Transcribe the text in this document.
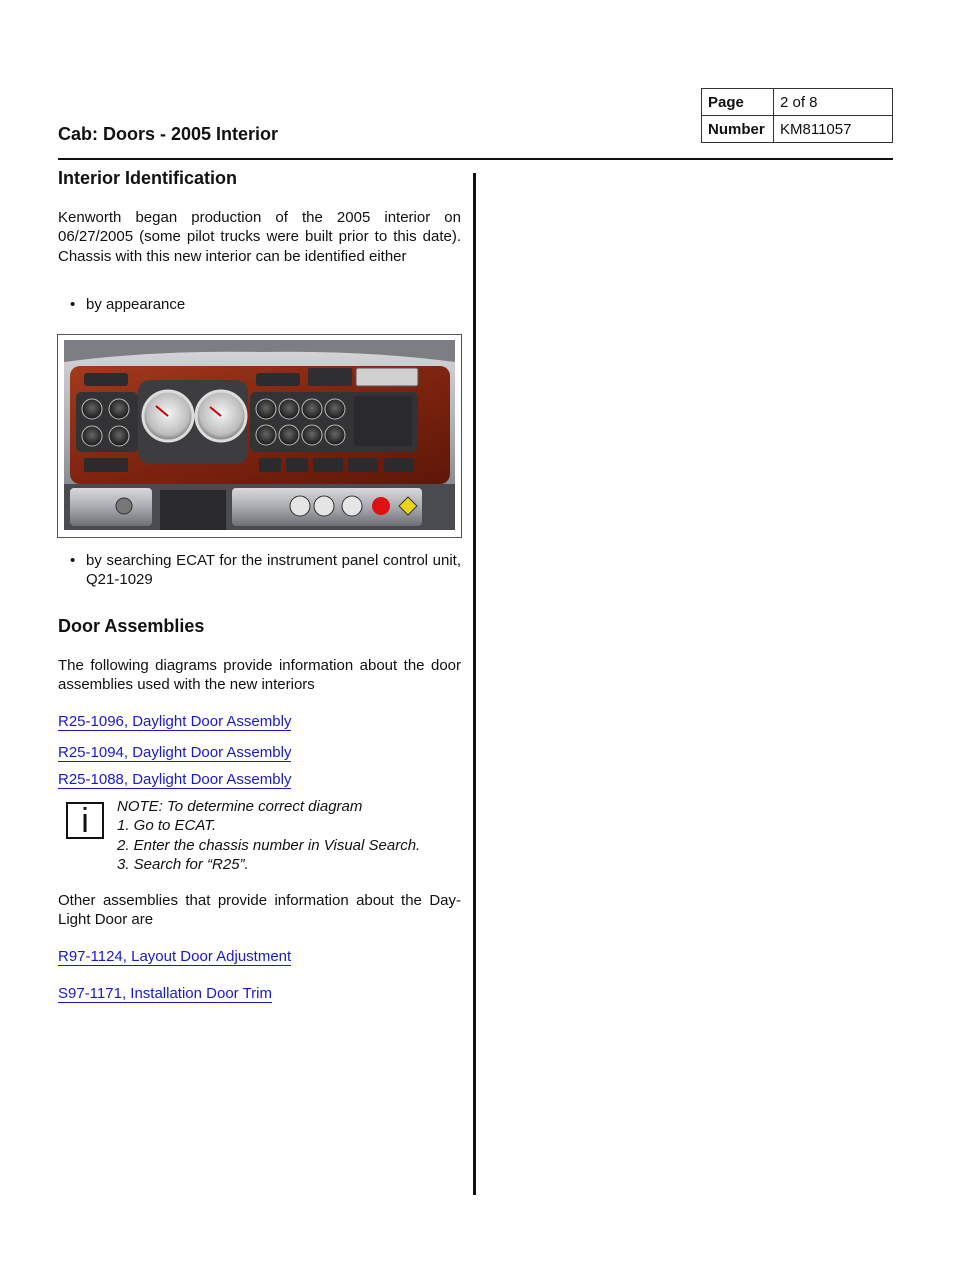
Page	2 of 8
Number	KM811057
Cab: Doors - 2005 Interior
Interior Identification
Kenworth began production of the 2005 interior on 06/27/2005 (some pilot trucks were built prior to this date). Chassis with this new interior can be identified either
• by appearance
• by searching ECAT for the instrument panel control unit, Q21-1029
Door Assemblies
The following diagrams provide information about the door assemblies used with the new interiors
R25-1096, Daylight Door Assembly
R25-1094, Daylight Door Assembly
R25-1088, Daylight Door Assembly
i	NOTE: To determine correct diagram
1. Go to ECAT.
2. Enter the chassis number in Visual Search.
3. Search for “R25”.
Other assemblies that provide information about the Day-Light Door are
R97-1124, Layout Door Adjustment
S97-1171, Installation Door Trim
